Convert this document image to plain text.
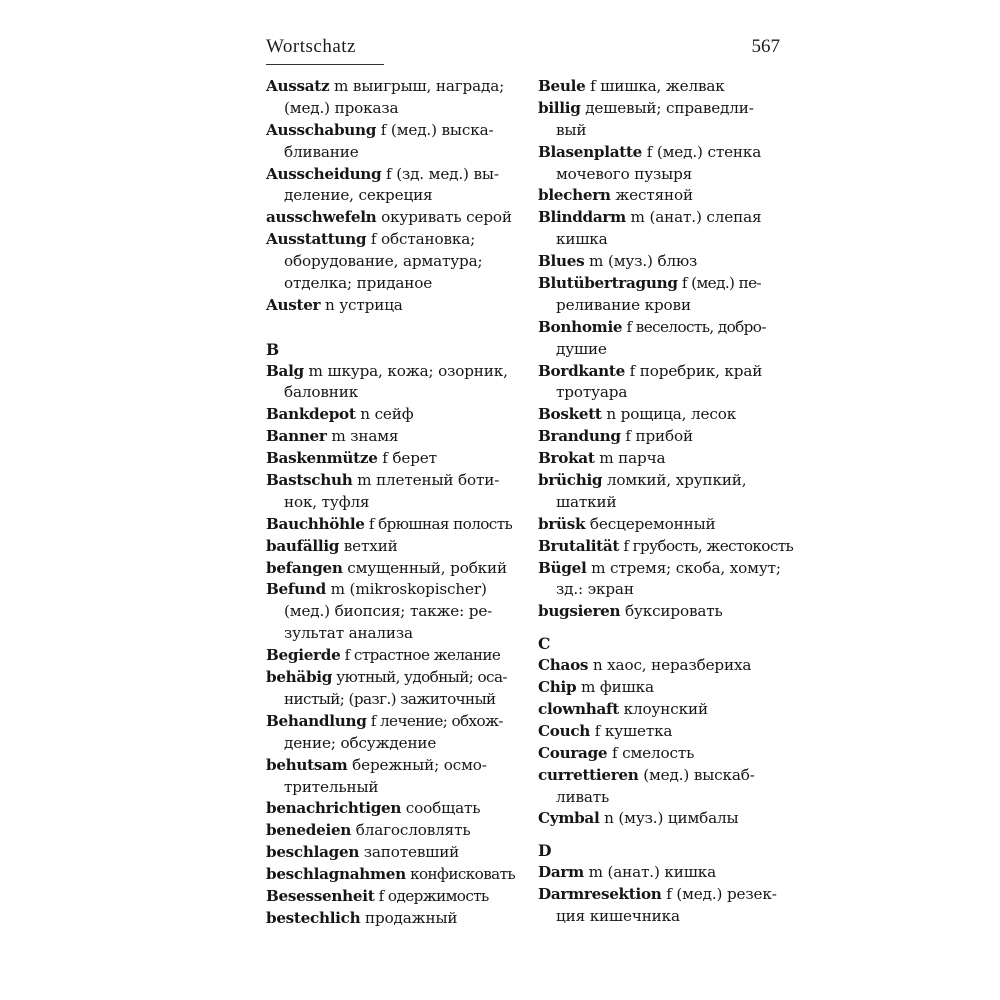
Wortschatz	567
Aussatz m выигрыш, награда;
(мед.) проказа
Ausschabung f (мед.) выска-
бливание
Ausscheidung f (зд. мед.) вы-
деление, секреция
ausschwefeln окуривать серой
Ausstattung f обстановка;
оборудование, арматура;
отделка; приданое
Auster n устрица
B
Balg m шкура, кожа; озорник,
баловник
Bankdepot n сейф
Banner m знамя
Baskenmütze f берет
Bastschuh m плетеный боти-
нок, туфля
Bauchhöhle f брюшная полость
baufällig ветхий
befangen смущенный, робкий
Befund m (mikroskopischer)
(мед.) биопсия; также: ре-
зультат анализа
Begierde f страстное желание
behäbig уютный, удобный; оса-
нистый; (разг.) зажиточный
Behandlung f лечение; обхож-
дение; обсуждение
behutsam бережный; осмо-
трительный
benachrichtigen сообщать
benedeien благословлять
beschlagen запотевший
beschlagnahmen конфисковать
Besessenheit f одержимость
bestechlich продажный
Beule f шишка, желвак
billig дешевый; справедли-
вый
Blasenplatte f (мед.) стенка
мочевого пузыря
blechern жестяной
Blinddarm m (анат.) слепая
кишка
Blues m (муз.) блюз
Blutübertragung f (мед.) пе-
реливание крови
Bonhomie f веселость, добро-
душие
Bordkante f поребрик, край
тротуара
Boskett n рощица, лесок
Brandung f прибой
Brokat m парча
brüchig ломкий, хрупкий,
шаткий
brüsk бесцеремонный
Brutalität f грубость, жестокость
Bügel m стремя; скоба, хомут;
зд.: экран
bugsieren буксировать
C
Chaos n хаос, неразбериха
Chip m фишка
clownhaft клоунский
Couch f кушетка
Courage f смелость
currettieren (мед.) выскаб-
ливать
Cymbal n (муз.) цимбалы
D
Darm m (анат.) кишка
Darmresektion f (мед.) резек-
ция кишечника
